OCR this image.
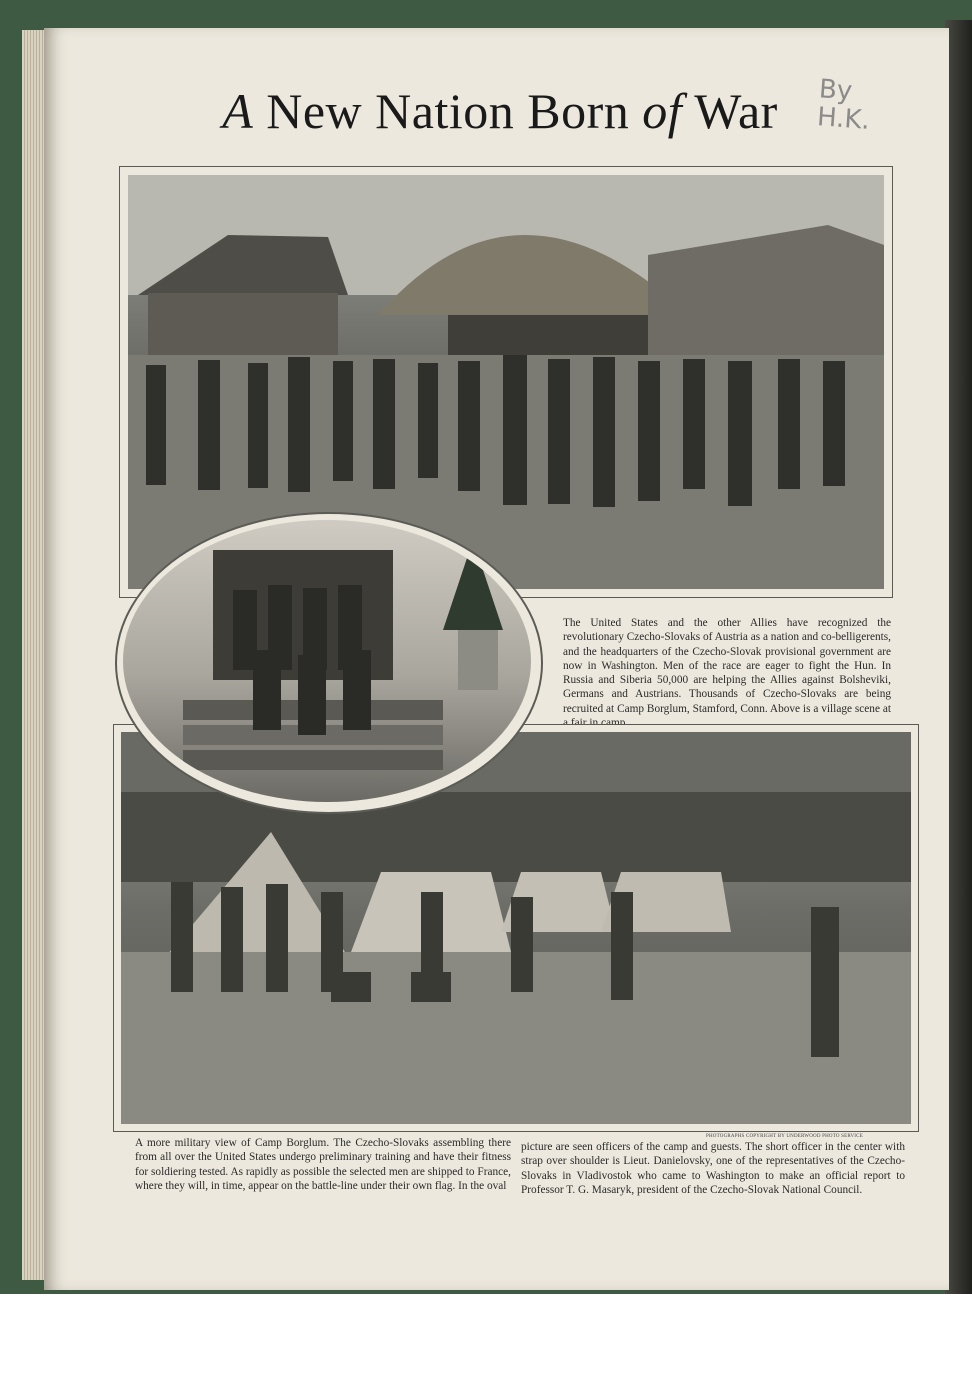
A New Nation Born of War	By H.K.
The United States and the other Allies have recognized the revolutionary Czecho-Slovaks of Austria as a nation and co-belligerents, and the headquarters of the Czecho-Slovak provisional government are now in Washington. Men of the race are eager to fight the Hun. In Russia and Siberia 50,000 are helping the Allies against Bolsheviki, Germans and Austrians. Thousands of Czecho-Slovaks are being recruited at Camp Borglum, Stamford, Conn. Above is a village scene at
A more military view of Camp Borglum. The Czecho-Slovaks assembling there from all over the United States undergo preliminary training and have their fitness for soldiering tested. As rapidly as possible the selected men are shipped to France, where they will, in time, appear on the battle-line under their own flag. In the oval
picture are seen officers of the camp and guests. The short officer in the center with strap over shoulder is Lieut. Danielovsky, one of the representatives of the Czecho-Slovaks in Vladivostok who came to Washington to make an official report to Professor T. G. Masaryk, president of the Czecho-Slovak National Council.
PHOTOGRAPHS COPYRIGHT BY UNDERWOOD PHOTO SERVICE
